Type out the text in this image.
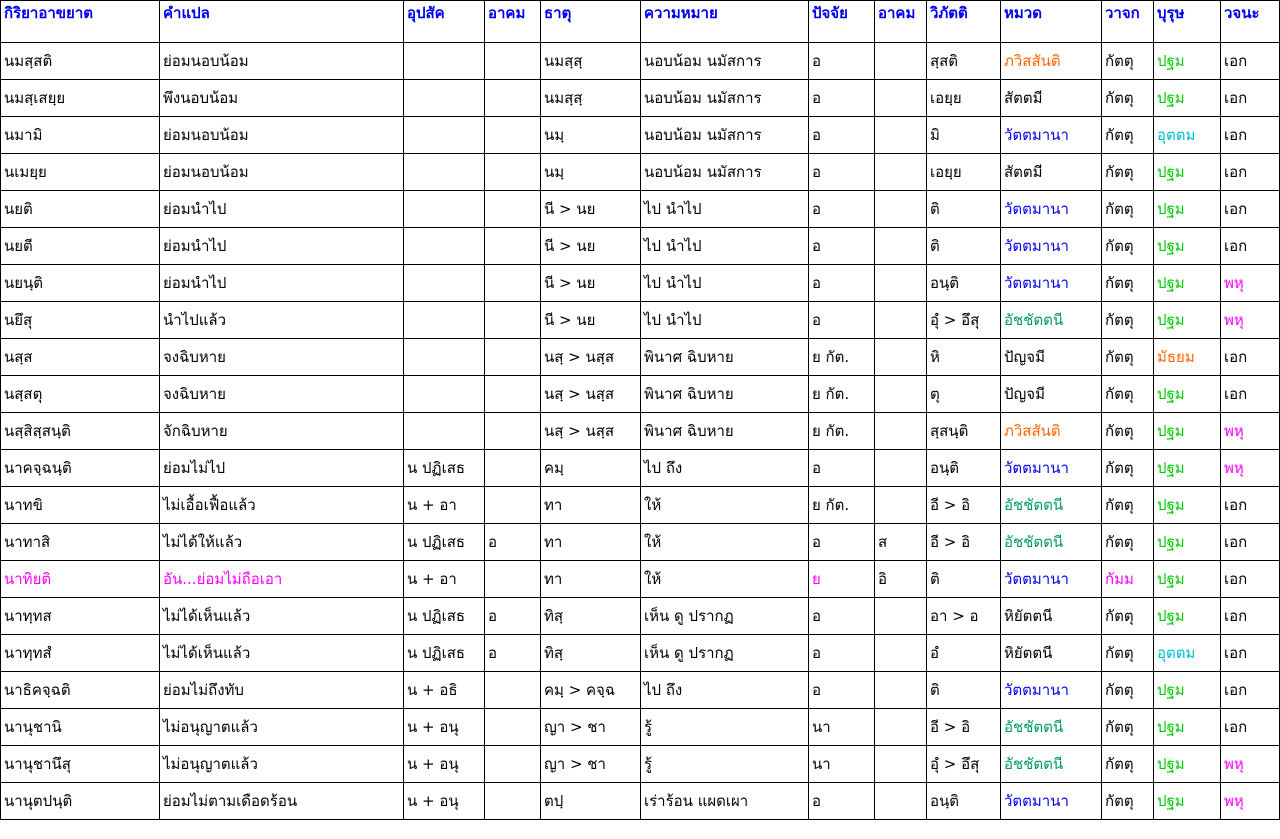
กิริยาอาขยาต	คำแปล	อุปสัค	อาคม	ธาตุ	ความหมาย	ปัจจัย	อาคม	วิภัตติ	หมวด	วาจก	บุรุษ	วจนะ
นมสฺสติ	ย่อมนอบน้อม			นมสฺสฺ	นอบน้อม นมัสการ	อ		สฺสติ	ภวิสสันติ	กัตตุ	ปฐม	เอก
นมสฺเสยฺย	พึงนอบน้อม			นมสฺสฺ	นอบน้อม นมัสการ	อ		เอยฺย	สัตตมี	กัตตุ	ปฐม	เอก
นมามิ	ย่อมนอบน้อม			นมฺ	นอบน้อม นมัสการ	อ		มิ	วัตตมานา	กัตตุ	อุตตม	เอก
นเมยฺย	ย่อมนอบน้อม			นมฺ	นอบน้อม นมัสการ	อ		เอยฺย	สัตตมี	กัตตุ	ปฐม	เอก
นยติ	ย่อมนำไป			นี > นย	ไป นำไป	อ		ติ	วัตตมานา	กัตตุ	ปฐม	เอก
นยตี	ย่อมนำไป			นี > นย	ไป นำไป	อ		ติ	วัตตมานา	กัตตุ	ปฐม	เอก
นยนฺติ	ย่อมนำไป			นี > นย	ไป นำไป	อ		อนฺติ	วัตตมานา	กัตตุ	ปฐม	พหุ
นยึสุ	นำไปแล้ว			นี > นย	ไป นำไป	อ		อุํ > อึสุ	อัชชัตตนี	กัตตุ	ปฐม	พหุ
นสฺส	จงฉิบหาย			นสฺ > นสฺส	พินาศ ฉิบหาย	ย กัต.		หิ	ปัญจมี	กัตตุ	มัธยม	เอก
นสฺสตุ	จงฉิบหาย			นสฺ > นสฺส	พินาศ ฉิบหาย	ย กัต.		ตุ	ปัญจมี	กัตตุ	ปฐม	เอก
นสฺสิสฺสนฺติ	จักฉิบหาย			นสฺ > นสฺส	พินาศ ฉิบหาย	ย กัต.		สฺสนฺติ	ภวิสสันติ	กัตตุ	ปฐม	พหุ
นาคจฺฉนฺติ	ย่อมไม่ไป	น ปฏิเสธ		คมฺ	ไป ถึง	อ		อนฺติ	วัตตมานา	กัตตุ	ปฐม	พหุ
นาทขิ	ไม่เอื้อเฟื้อแล้ว	น + อา		ทา	ให้	ย กัต.		อี > อิ	อัชชัตตนี	กัตตุ	ปฐม	เอก
นาทาสิ	ไม่ได้ให้แล้ว	น ปฏิเสธ	อ	ทา	ให้	อ	ส	อี > อิ	อัชชัตตนี	กัตตุ	ปฐม	เอก
นาทิยติ	อัน...ย่อมไม่ถือเอา	น + อา		ทา	ให้	ย	อิ	ติ	วัตตมานา	กัมม	ปฐม	เอก
นาทฺทส	ไม่ได้เห็นแล้ว	น ปฏิเสธ	อ	ทิสฺ	เห็น ดู ปรากฏ	อ		อา > อ	หิยัตตนี	กัตตุ	ปฐม	เอก
นาทฺทสํ	ไม่ได้เห็นแล้ว	น ปฏิเสธ	อ	ทิสฺ	เห็น ดู ปรากฏ	อ		อํ	หิยัตตนี	กัตตุ	อุตตม	เอก
นาธิคจฺฉติ	ย่อมไม่ถึงทับ	น + อธิ		คมฺ > คจฺฉ	ไป ถึง	อ		ติ	วัตตมานา	กัตตุ	ปฐม	เอก
นานุชานิ	ไม่อนุญาตแล้ว	น + อนุ		ญา > ชา	รู้	นา		อี > อิ	อัชชัตตนี	กัตตุ	ปฐม	เอก
นานุชานึสุ	ไม่อนุญาตแล้ว	น + อนุ		ญา > ชา	รู้	นา		อุํ > อึสุ	อัชชัตตนี	กัตตุ	ปฐม	พหุ
นานุตปนฺติ	ย่อมไม่ตามเดือดร้อน	น + อนุ		ตปฺ	เร่าร้อน แผดเผา	อ		อนฺติ	วัตตมานา	กัตตุ	ปฐม	พหุ
